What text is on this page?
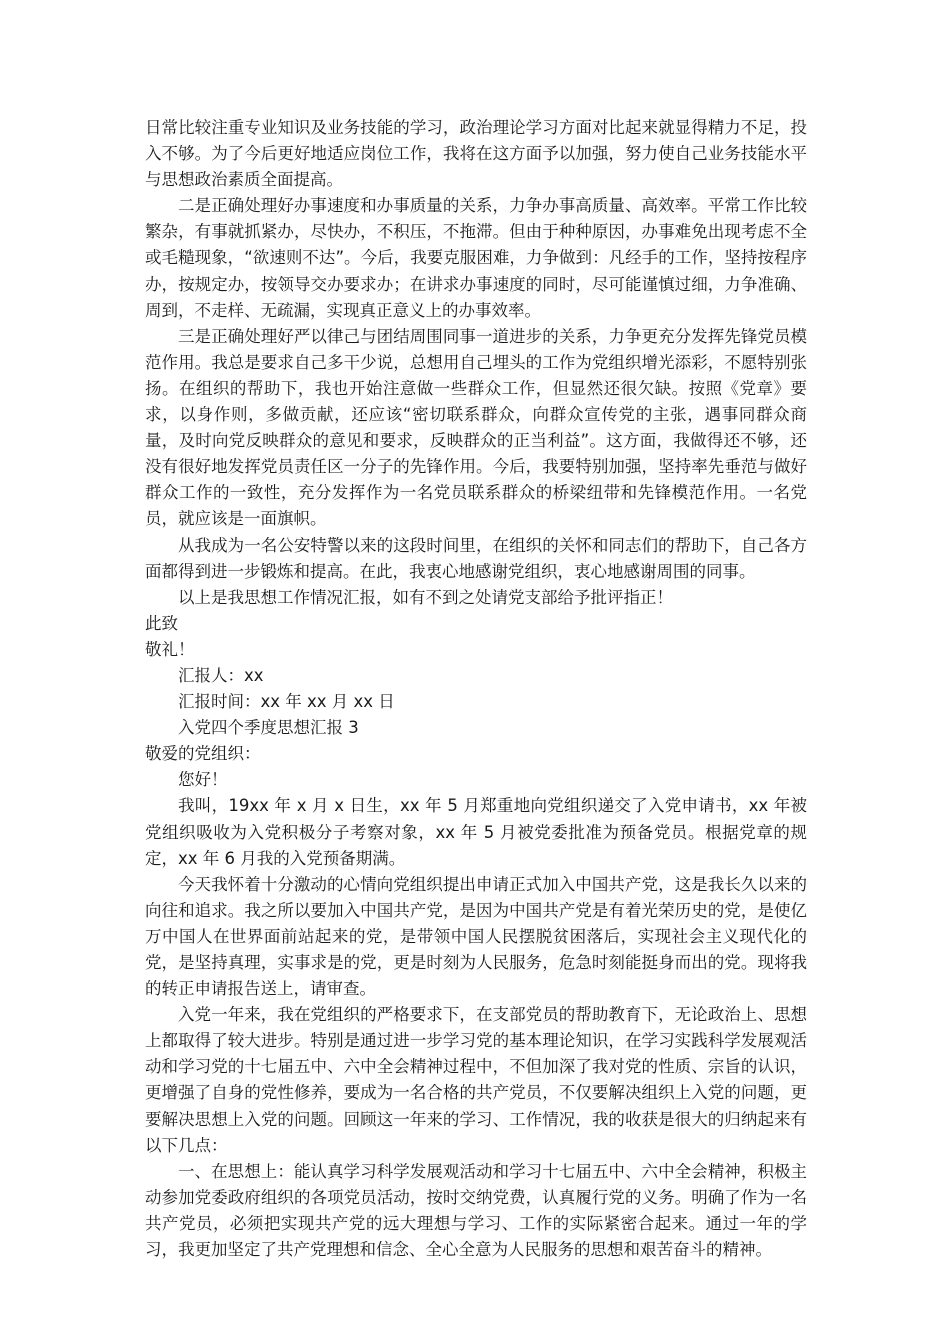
日常比较注重专业知识及业务技能的学习，政治理论学习方面对比起来就显得精力不足，投入不够。为了今后更好地适应岗位工作，我将在这方面予以加强，努力使自己业务技能水平与思想政治素质全面提高。

二是正确处理好办事速度和办事质量的关系，力争办事高质量、高效率。平常工作比较繁杂，有事就抓紧办，尽快办，不积压，不拖滞。但由于种种原因，办事难免出现考虑不全或毛糙现象，“欲速则不达”。今后，我要克服困难，力争做到：凡经手的工作，坚持按程序办，按规定办，按领导交办要求办；在讲求办事速度的同时，尽可能谨慎过细，力争准确、周到，不走样、无疏漏，实现真正意义上的办事效率。

三是正确处理好严以律己与团结周围同事一道进步的关系，力争更充分发挥先锋党员模范作用。我总是要求自己多干少说，总想用自己埋头的工作为党组织增光添彩，不愿特别张扬。在组织的帮助下，我也开始注意做一些群众工作，但显然还很欠缺。按照《党章》要求，以身作则，多做贡献，还应该“密切联系群众，向群众宣传党的主张，遇事同群众商量，及时向党反映群众的意见和要求，反映群众的正当利益”。这方面，我做得还不够，还没有很好地发挥党员责任区一分子的先锋作用。今后，我要特别加强，坚持率先垂范与做好群众工作的一致性，充分发挥作为一名党员联系群众的桥梁纽带和先锋模范作用。一名党员，就应该是一面旗帜。

从我成为一名公安特警以来的这段时间里，在组织的关怀和同志们的帮助下，自己各方面都得到进一步锻炼和提高。在此，我衷心地感谢党组织，衷心地感谢周围的同事。

以上是我思想工作情况汇报，如有不到之处请党支部给予批评指正！

此致

敬礼！

汇报人：xx

汇报时间：xx 年 xx 月 xx 日

入党四个季度思想汇报 3

敬爱的党组织：

您好！

我叫，19xx 年 x 月 x 日生，xx 年 5 月郑重地向党组织递交了入党申请书，xx 年被党组织吸收为入党积极分子考察对象，xx 年 5 月被党委批准为预备党员。根据党章的规定，xx 年 6 月我的入党预备期满。

今天我怀着十分激动的心情向党组织提出申请正式加入中国共产党，这是我长久以来的向往和追求。我之所以要加入中国共产党，是因为中国共产党是有着光荣历史的党，是使亿万中国人在世界面前站起来的党，是带领中国人民摆脱贫困落后，实现社会主义现代化的党，是坚持真理，实事求是的党，更是时刻为人民服务，危急时刻能挺身而出的党。现将我的转正申请报告送上，请审查。

入党一年来，我在党组织的严格要求下，在支部党员的帮助教育下，无论政治上、思想上都取得了较大进步。特别是通过进一步学习党的基本理论知识，在学习实践科学发展观活动和学习党的十七届五中、六中全会精神过程中，不但加深了我对党的性质、宗旨的认识，更增强了自身的党性修养，要成为一名合格的共产党员，不仅要解决组织上入党的问题，更要解决思想上入党的问题。回顾这一年来的学习、工作情况，我的收获是很大的归纳起来有以下几点：

一、在思想上：能认真学习科学发展观活动和学习十七届五中、六中全会精神，积极主动参加党委政府组织的各项党员活动，按时交纳党费，认真履行党的义务。明确了作为一名共产党员，必须把实现共产党的远大理想与学习、工作的实际紧密合起来。通过一年的学习，我更加坚定了共产党理想和信念、全心全意为人民服务的思想和艰苦奋斗的精神。
